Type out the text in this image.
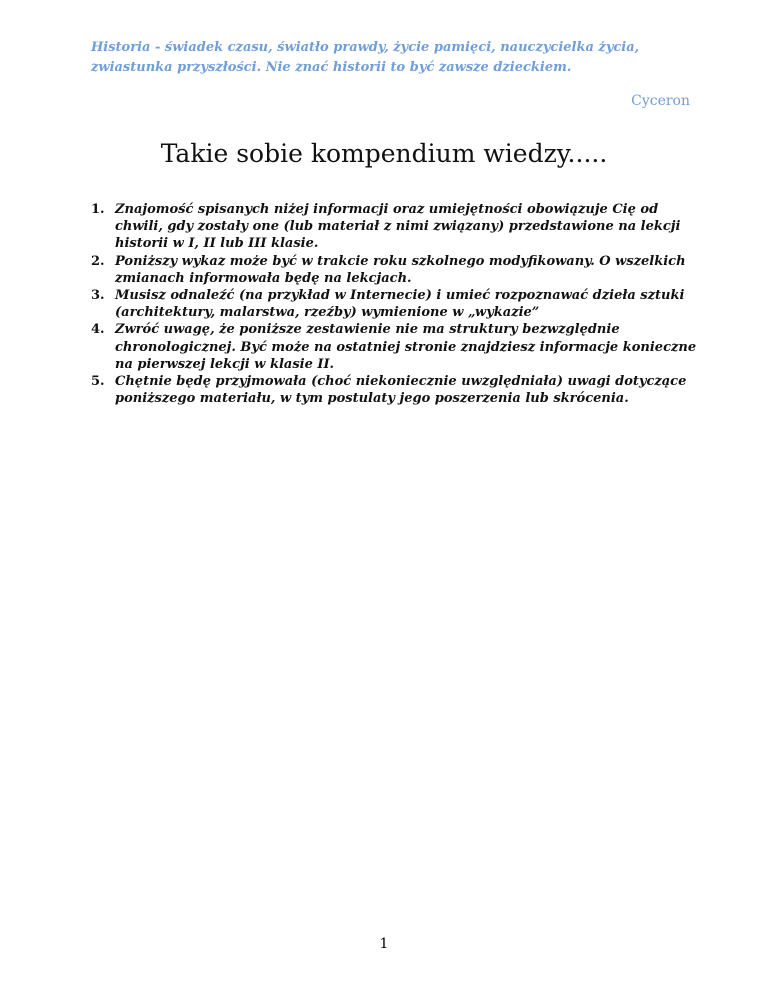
Historia - świadek czasu, światło prawdy, życie pamięci, nauczycielka życia,
zwiastunka przyszłości. Nie znać historii to być zawsze dzieckiem.

Cyceron

Takie sobie kompendium wiedzy.....
1. Znajomość spisanych niżej informacji oraz umiejętności obowiązuje Cię od
chwili, gdy zostały one (lub materiał z nimi związany) przedstawione na lekcji
historii w I, II lub III klasie.
2. Poniższy wykaz może być w trakcie roku szkolnego modyfikowany. O wszelkich
zmianach informowała będę na lekcjach.
3. Musisz odnaleźć (na przykład w Internecie) i umieć rozpoznawać dzieła sztuki
(architektury, malarstwa, rzeźby) wymienione w „wykazie”
4. Zwróć uwagę, że poniższe zestawienie nie ma struktury bezwzględnie
chronologicznej. Być może na ostatniej stronie znajdziesz informacje konieczne
na pierwszej lekcji w klasie II.
5. Chętnie będę przyjmowała (choć niekoniecznie uwzględniała) uwagi dotyczące
poniższego materiału, w tym postulaty jego poszerzenia lub skrócenia.

1
